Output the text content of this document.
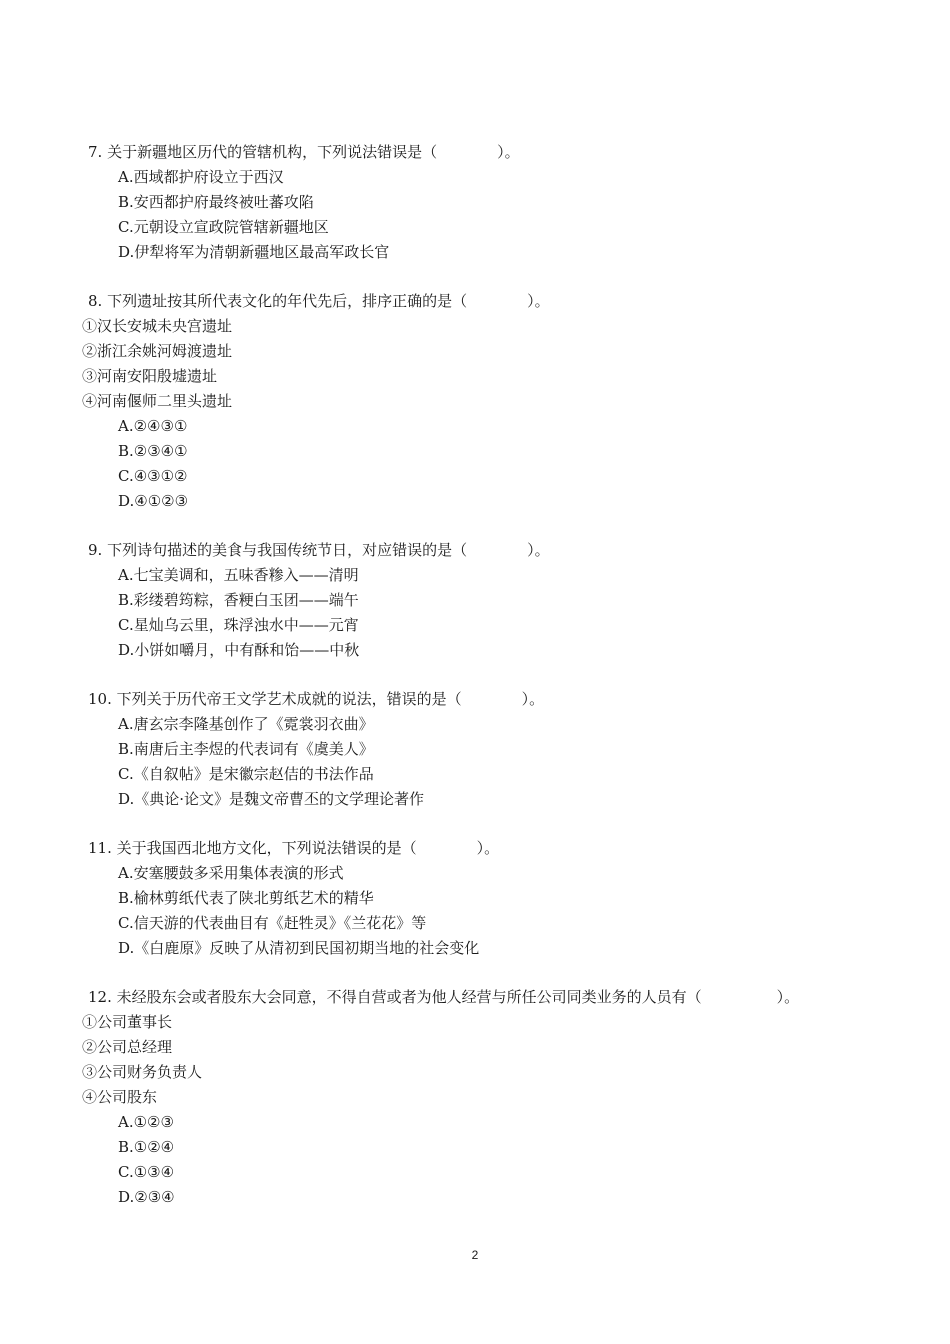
7. 关于新疆地区历代的管辖机构，下列说法错误是（　　　　）。
A.西域都护府设立于西汉
B.安西都护府最终被吐蕃攻陷
C.元朝设立宣政院管辖新疆地区
D.伊犁将军为清朝新疆地区最高军政长官
8. 下列遗址按其所代表文化的年代先后，排序正确的是（　　　　）。
①汉长安城未央宫遗址
②浙江余姚河姆渡遗址
③河南安阳殷墟遗址
④河南偃师二里头遗址
A.②④③①
B.②③④①
C.④③①②
D.④①②③
9. 下列诗句描述的美食与我国传统节日，对应错误的是（　　　　）。
A.七宝美调和，五味香糁入——清明
B.彩缕碧筠粽，香粳白玉团——端午
C.星灿乌云里，珠浮浊水中——元宵
D.小饼如嚼月，中有酥和饴——中秋
10. 下列关于历代帝王文学艺术成就的说法，错误的是（　　　　）。
A.唐玄宗李隆基创作了《霓裳羽衣曲》
B.南唐后主李煜的代表词有《虞美人》
C.《自叙帖》是宋徽宗赵佶的书法作品
D.《典论·论文》是魏文帝曹丕的文学理论著作
11. 关于我国西北地方文化，下列说法错误的是（　　　　）。
A.安塞腰鼓多采用集体表演的形式
B.榆林剪纸代表了陕北剪纸艺术的精华
C.信天游的代表曲目有《赶牲灵》《兰花花》等
D.《白鹿原》反映了从清初到民国初期当地的社会变化
12. 未经股东会或者股东大会同意，不得自营或者为他人经营与所任公司同类业务的人员有（　　　　　）。
①公司董事长
②公司总经理
③公司财务负责人
④公司股东
A.①②③
B.①②④
C.①③④
D.②③④
2
